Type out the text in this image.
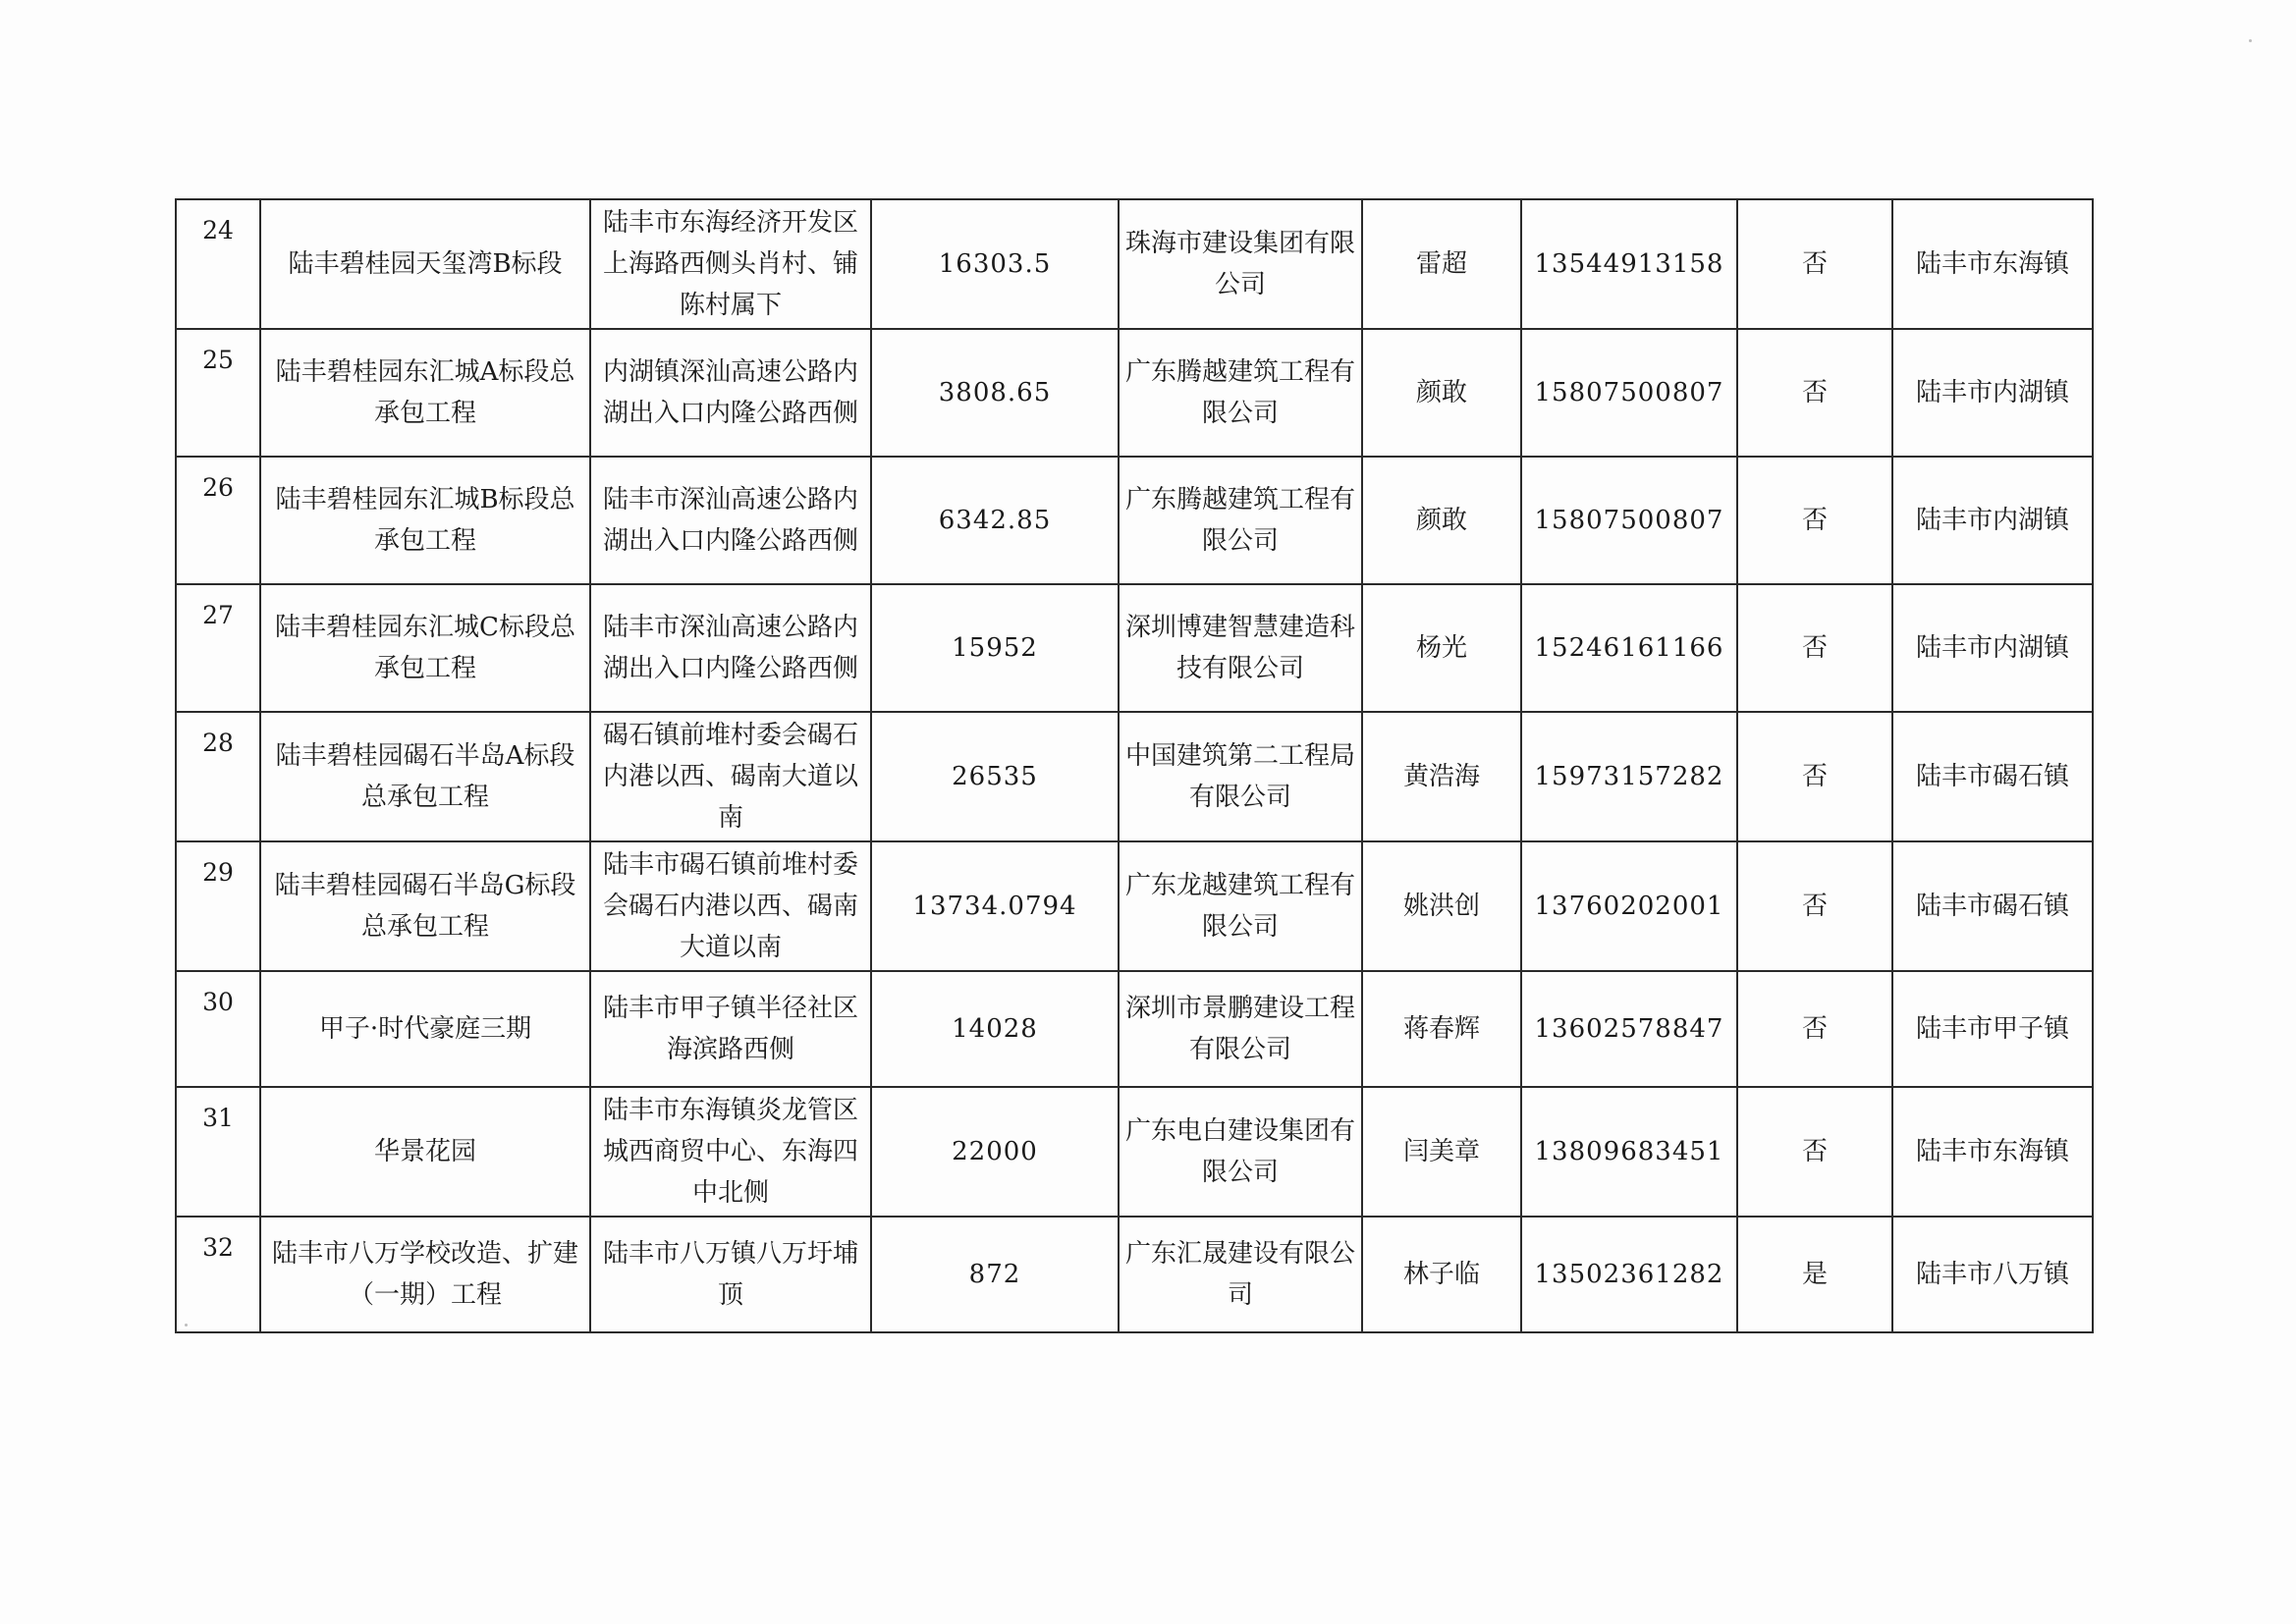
24	陆丰碧桂园天玺湾B标段	陆丰市东海经济开发区上海路西侧头肖村、铺陈村属下	16303.5	珠海市建设集团有限公司	雷超	13544913158	否	陆丰市东海镇
25	陆丰碧桂园东汇城A标段总承包工程	内湖镇深汕高速公路内湖出入口内隆公路西侧	3808.65	广东腾越建筑工程有限公司	颜敢	15807500807	否	陆丰市内湖镇
26	陆丰碧桂园东汇城B标段总承包工程	陆丰市深汕高速公路内湖出入口内隆公路西侧	6342.85	广东腾越建筑工程有限公司	颜敢	15807500807	否	陆丰市内湖镇
27	陆丰碧桂园东汇城C标段总承包工程	陆丰市深汕高速公路内湖出入口内隆公路西侧	15952	深圳博建智慧建造科技有限公司	杨光	15246161166	否	陆丰市内湖镇
28	陆丰碧桂园碣石半岛A标段总承包工程	碣石镇前堆村委会碣石内港以西、碣南大道以南	26535	中国建筑第二工程局有限公司	黄浩海	15973157282	否	陆丰市碣石镇
29	陆丰碧桂园碣石半岛G标段总承包工程	陆丰市碣石镇前堆村委会碣石内港以西、碣南大道以南	13734.0794	广东龙越建筑工程有限公司	姚洪创	13760202001	否	陆丰市碣石镇
30	甲子·时代豪庭三期	陆丰市甲子镇半径社区海滨路西侧	14028	深圳市景鹏建设工程有限公司	蒋春辉	13602578847	否	陆丰市甲子镇
31	华景花园	陆丰市东海镇炎龙管区城西商贸中心、东海四中北侧	22000	广东电白建设集团有限公司	闫美章	13809683451	否	陆丰市东海镇
32	陆丰市八万学校改造、扩建（一期）工程	陆丰市八万镇八万圩埔顶	872	广东汇晟建设有限公司	林子临	13502361282	是	陆丰市八万镇
